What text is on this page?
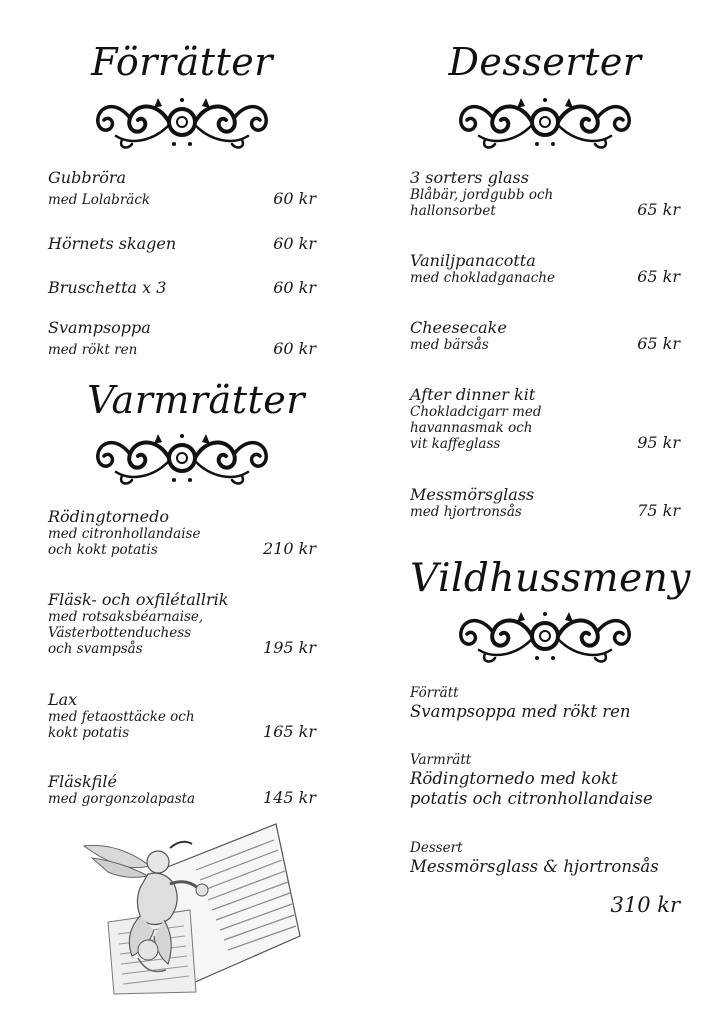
Förrätter
Gubbröra
med Lolabräck	60 kr
Hörnets skagen	60 kr
Bruschetta x 3	60 kr
Svampsoppa
med rökt ren	60 kr
Varmrätter
Rödingtornedo
med citronhollandaise
och kokt potatis	210 kr
Fläsk- och oxfilétallrik
med rotsaksbéarnaise,
Västerbottenduchess
och svampsås	195 kr
Lax
med fetaosttäcke och
kokt potatis	165 kr
Fläskfilé
med gorgonzolapasta	145 kr
Desserter
3 sorters glass
Blåbär, jordgubb och
hallonsorbet	65 kr
Vaniljpanacotta
med chokladganache	65 kr
Cheesecake
med bärsås	65 kr
After dinner kit
Chokladcigarr med
havannasmak och
vit kaffeglass	95 kr
Messmörsglass
med hjortronsås	75 kr
Vildhussmeny
Förrätt
Svampsoppa med rökt ren
Varmrätt
Rödingtornedo med kokt
potatis och citronhollandaise
Dessert
Messmörsglass & hjortronsås
310 kr
